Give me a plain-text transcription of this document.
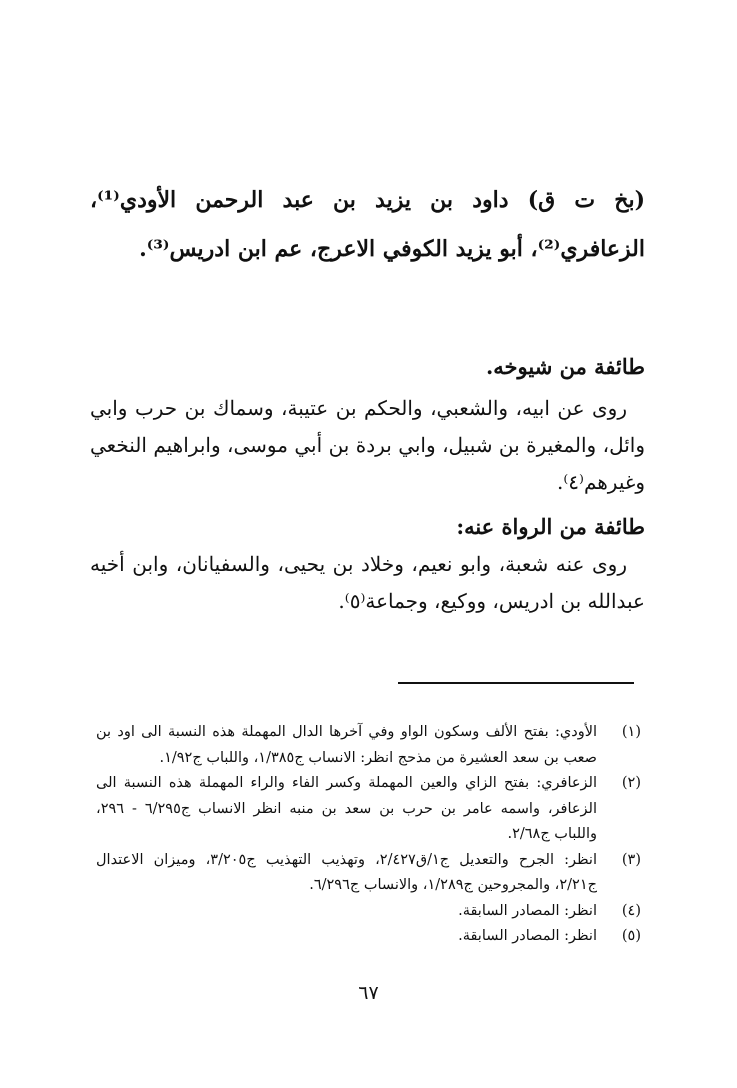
(بخ ت ق) داود بن يزيد بن عبد الرحمن الأودي⁽¹⁾، الزعافري⁽²⁾، أبو يزيد الكوفي الاعرج، عم ابن ادريس⁽³⁾.
طائفة من شيوخه.
روى عن ابيه، والشعبي، والحكم بن عتيبة، وسماك بن حرب وابي وائل، والمغيرة بن شبيل، وابي بردة بن أبي موسى، وابراهيم النخعي وغيرهم⁽٤⁾.
طائفة من الرواة عنه:
روى عنه شعبة، وابو نعيم، وخلاد بن يحيى، والسفيانان، وابن أخيه عبدالله بن ادريس، ووكيع، وجماعة⁽٥⁾.
(١)
الأودي: بفتح الألف وسكون الواو وفي آخرها الدال المهملة هذه النسبة الى اود بن صعب بن سعد العشيرة من مذحج انظر: الانساب ج١/٣٨٥، واللباب ج١/٩٢.
(٢)
الزعافري: بفتح الزاي والعين المهملة وكسر الفاء والراء المهملة هذه النسبة الى الزعافر، واسمه عامر بن حرب بن سعد بن منبه انظر الانساب ج٦/٢٩٥ - ٢٩٦، واللباب ج٢/٦٨.
(٣)
انظر: الجرح والتعديل ج١/ق٢/٤٢٧، وتهذيب التهذيب ج٣/٢٠٥، وميزان الاعتدال ج٢/٢١، والمجروحين ج١/٢٨٩، والانساب ج٦/٢٩٦.
(٤)
انظر: المصادر السابقة.
(٥)
انظر: المصادر السابقة.
٦٧
